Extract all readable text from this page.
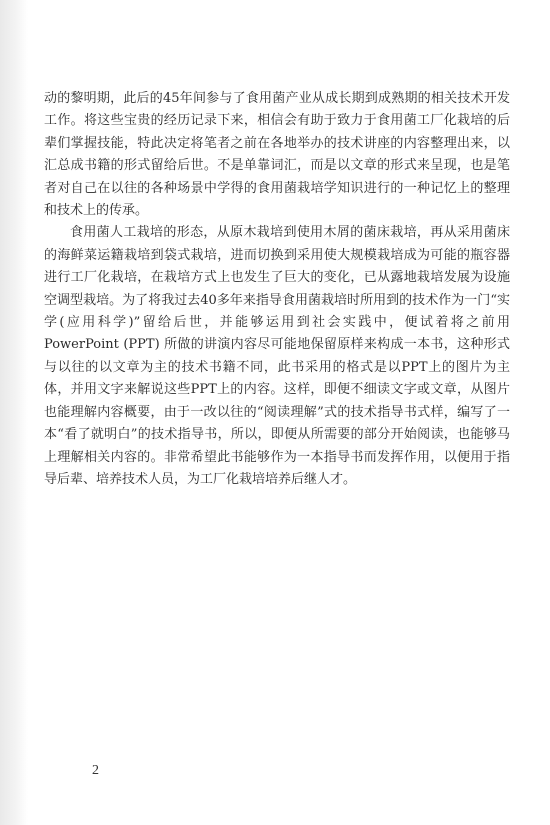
动的黎明期，此后的45年间参与了食用菌产业从成长期到成熟期的相关技术开发工作。将这些宝贵的经历记录下来，相信会有助于致力于食用菌工厂化栽培的后辈们掌握技能，特此决定将笔者之前在各地举办的技术讲座的内容整理出来，以汇总成书籍的形式留给后世。不是单靠词汇，而是以文章的形式来呈现，也是笔者对自己在以往的各种场景中学得的食用菌栽培学知识进行的一种记忆上的整理和技术上的传承。

食用菌人工栽培的形态，从原木栽培到使用木屑的菌床栽培，再从采用菌床的海鲜菜运籍栽培到袋式栽培，进而切换到采用使大规模栽培成为可能的瓶容器进行工厂化栽培，在栽培方式上也发生了巨大的变化，已从露地栽培发展为设施空调型栽培。为了将我过去40多年来指导食用菌栽培时所用到的技术作为一门“实学(应用科学)”留给后世，并能够运用到社会实践中，便试着将之前用 PowerPoint (PPT) 所做的讲演内容尽可能地保留原样来构成一本书，这种形式与以往的以文章为主的技术书籍不同，此书采用的格式是以PPT上的图片为主体，并用文字来解说这些PPT上的内容。这样，即便不细读文字或文章，从图片也能理解内容概要，由于一改以往的“阅读理解”式的技术指导书式样，编写了一本“看了就明白”的技术指导书，所以，即便从所需要的部分开始阅读，也能够马上理解相关内容的。非常希望此书能够作为一本指导书而发挥作用，以便用于指导后辈、培养技术人员，为工厂化栽培培养后继人才。

2
